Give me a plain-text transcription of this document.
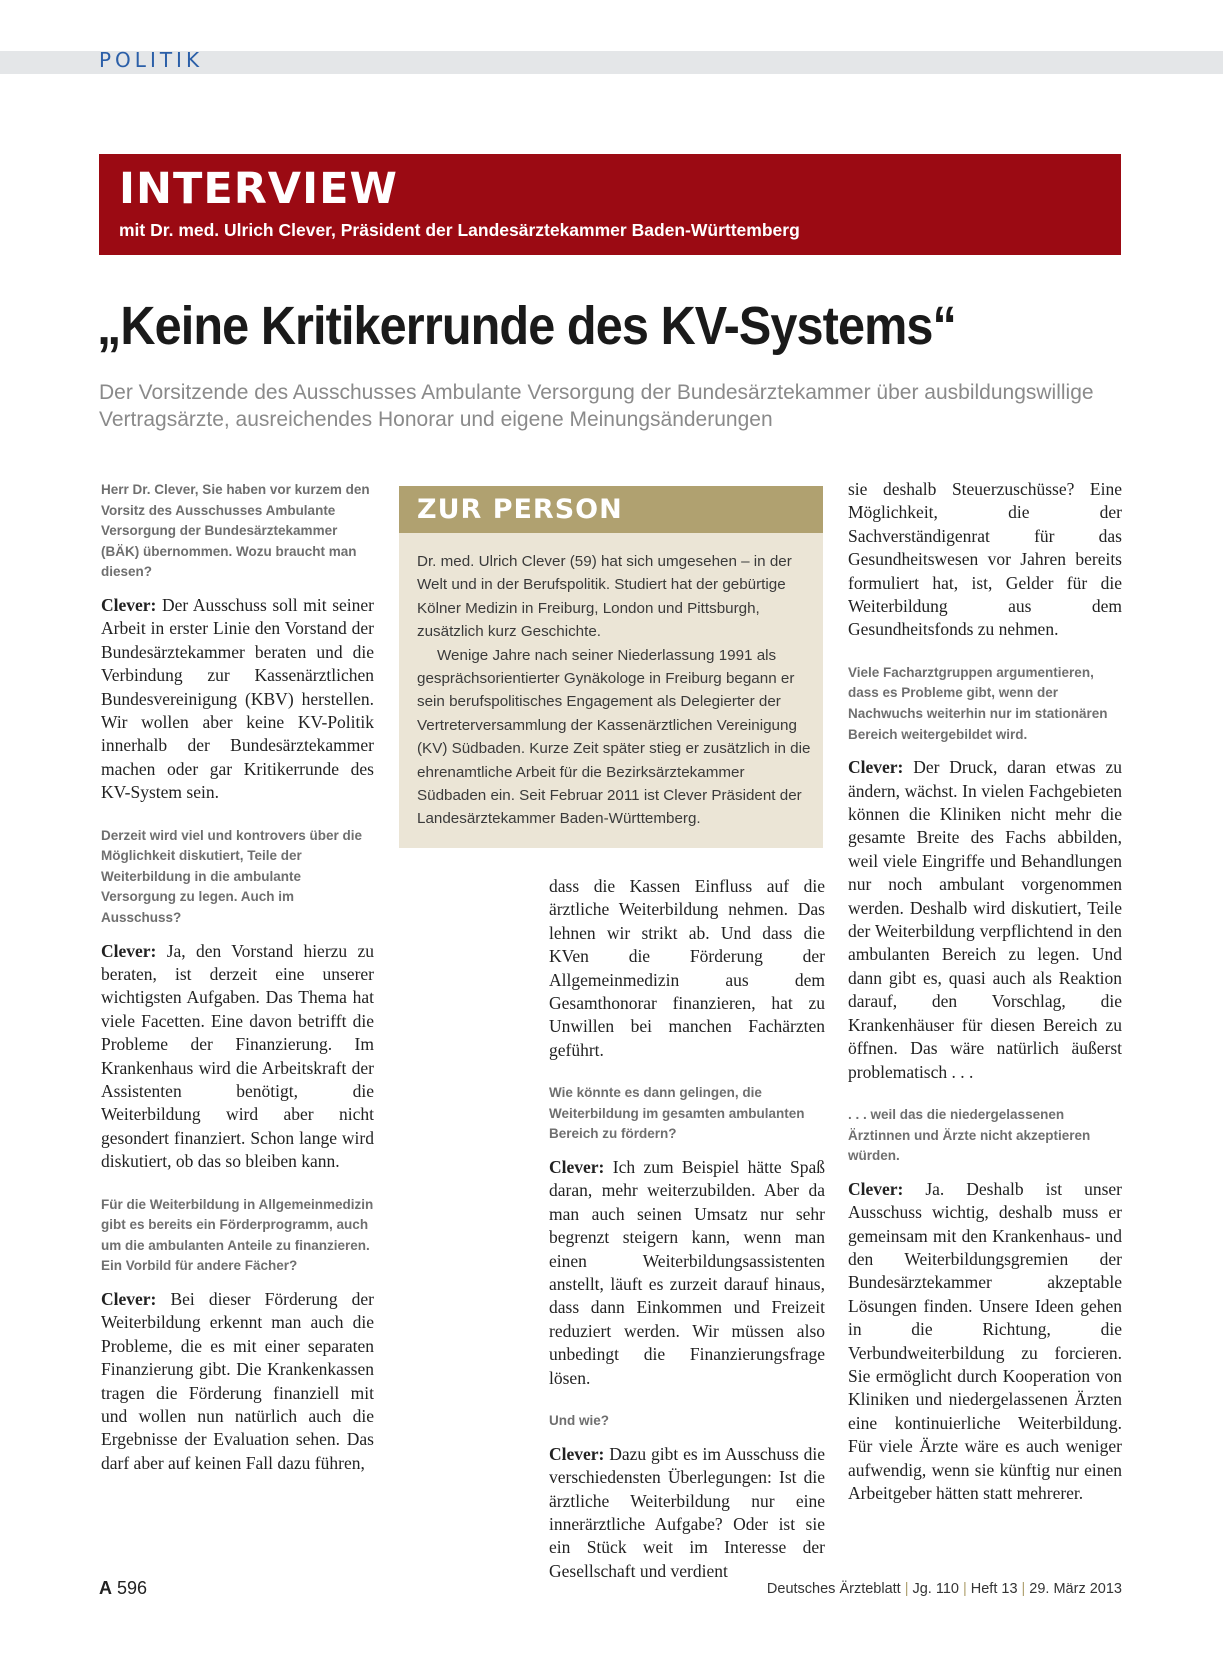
POLITIK
INTERVIEW
mit Dr. med. Ulrich Clever, Präsident der Landesärztekammer Baden-Württemberg
„Keine Kritikerrunde des KV-Systems“
Der Vorsitzende des Ausschusses Ambulante Versorgung der Bundesärztekammer über ausbildungswillige Vertragsärzte, ausreichendes Honorar und eigene Meinungsänderungen

Herr Dr. Clever, Sie haben vor kurzem den Vorsitz des Ausschusses Ambulante Versorgung der Bundesärztekammer (BÄK) übernommen. Wozu braucht man diesen?

Clever: Der Ausschuss soll mit seiner Arbeit in erster Linie den Vorstand der Bundesärztekammer beraten und die Verbindung zur Kassenärztlichen Bundesvereinigung (KBV) herstellen. Wir wollen aber keine KV-Politik innerhalb der Bundesärztekammer machen oder gar Kritikerrunde des KV-System sein.

Derzeit wird viel und kontrovers über die Möglichkeit diskutiert, Teile der Weiterbildung in die ambulante Versorgung zu legen. Auch im Ausschuss?

Clever: Ja, den Vorstand hierzu zu beraten, ist derzeit eine unserer wichtigsten Aufgaben. Das Thema hat viele Facetten. Eine davon betrifft die Probleme der Finanzierung. Im Krankenhaus wird die Arbeitskraft der Assistenten benötigt, die Weiterbildung wird aber nicht gesondert finanziert. Schon lange wird diskutiert, ob das so bleiben kann.

Für die Weiterbildung in Allgemeinmedizin gibt es bereits ein Förderprogramm, auch um die ambulanten Anteile zu finanzieren. Ein Vorbild für andere Fächer?

Clever: Bei dieser Förderung der Weiterbildung erkennt man auch die Probleme, die es mit einer separaten Finanzierung gibt. Die Krankenkassen tragen die Förderung finanziell mit und wollen nun natürlich auch die Ergebnisse der Evaluation sehen. Das darf aber auf keinen Fall dazu führen,

ZUR PERSON

Dr. med. Ulrich Clever (59) hat sich umgesehen – in der Welt und in der Berufspolitik. Studiert hat der gebürtige Kölner Medizin in Freiburg, London und Pittsburgh, zusätzlich kurz Geschichte.

Wenige Jahre nach seiner Niederlassung 1991 als gesprächsorientierter Gynäkologe in Freiburg begann er sein berufspolitisches Engagement als Delegierter der Vertreterversammlung der Kassenärztlichen Vereinigung (KV) Südbaden. Kurze Zeit später stieg er zusätzlich in die ehrenamtliche Arbeit für die Bezirksärztekammer Südbaden ein. Seit Februar 2011 ist Clever Präsident der Landesärztekammer Baden-Württemberg.

dass die Kassen Einfluss auf die ärztliche Weiterbildung nehmen. Das lehnen wir strikt ab. Und dass die KVen die Förderung der Allgemeinmedizin aus dem Gesamthonorar finanzieren, hat zu Unwillen bei manchen Fachärzten geführt.

Wie könnte es dann gelingen, die Weiterbildung im gesamten ambulanten Bereich zu fördern?

Clever: Ich zum Beispiel hätte Spaß daran, mehr weiterzubilden. Aber da man auch seinen Umsatz nur sehr begrenzt steigern kann, wenn man einen Weiterbildungsassistenten anstellt, läuft es zurzeit darauf hinaus, dass dann Einkommen und Freizeit reduziert werden. Wir müssen also unbedingt die Finanzierungsfrage lösen.

Und wie?

Clever: Dazu gibt es im Ausschuss die verschiedensten Überlegungen: Ist die ärztliche Weiterbildung nur eine innerärztliche Aufgabe? Oder ist sie ein Stück weit im Interesse der Gesellschaft und verdient

sie deshalb Steuerzuschüsse? Eine Möglichkeit, die der Sachverständigenrat für das Gesundheitswesen vor Jahren bereits formuliert hat, ist, Gelder für die Weiterbildung aus dem Gesundheitsfonds zu nehmen.

Viele Facharztgruppen argumentieren, dass es Probleme gibt, wenn der Nachwuchs weiterhin nur im stationären Bereich weitergebildet wird.

Clever: Der Druck, daran etwas zu ändern, wächst. In vielen Fachgebieten können die Kliniken nicht mehr die gesamte Breite des Fachs abbilden, weil viele Eingriffe und Behandlungen nur noch ambulant vorgenommen werden. Deshalb wird diskutiert, Teile der Weiterbildung verpflichtend in den ambulanten Bereich zu legen. Und dann gibt es, quasi auch als Reaktion darauf, den Vorschlag, die Krankenhäuser für diesen Bereich zu öffnen. Das wäre natürlich äußerst problematisch . . .

. . . weil das die niedergelassenen Ärztinnen und Ärzte nicht akzeptieren würden.

Clever: Ja. Deshalb ist unser Ausschuss wichtig, deshalb muss er gemeinsam mit den Krankenhaus- und den Weiterbildungsgremien der Bundesärztekammer akzeptable Lösungen finden. Unsere Ideen gehen in die Richtung, die Verbundweiterbildung zu forcieren. Sie ermöglicht durch Kooperation von Kliniken und niedergelassenen Ärzten eine kontinuierliche Weiterbildung. Für viele Ärzte wäre es auch weniger aufwendig, wenn sie künftig nur einen Arbeitgeber hätten statt mehrerer.

A 596	Deutsches Ärzteblatt | Jg. 110 | Heft 13 | 29. März 2013
